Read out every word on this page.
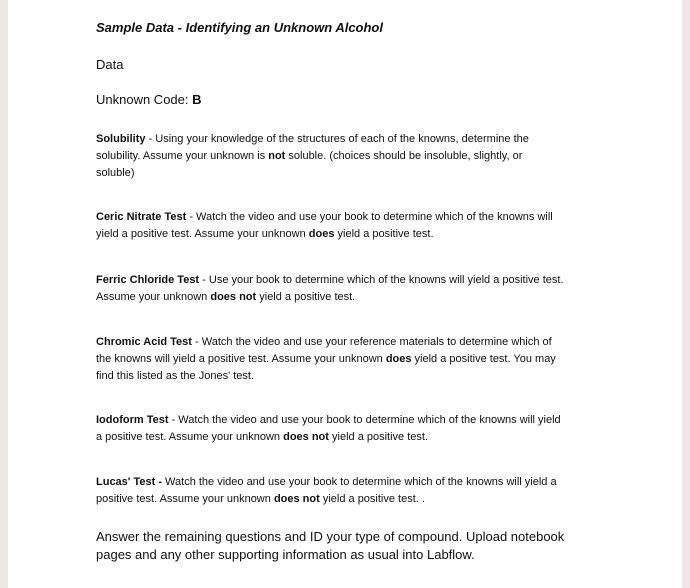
Sample Data - Identifying an Unknown Alcohol
Data
Unknown Code: B
Solubility - Using your knowledge of the structures of each of the knowns, determine the
solubility. Assume your unknown is not soluble. (choices should be insoluble, slightly, or
soluble)
Ceric Nitrate Test - Watch the video and use your book to determine which of the knowns will
yield a positive test. Assume your unknown does yield a positive test.
Ferric Chloride Test - Use your book to determine which of the knowns will yield a positive test.
Assume your unknown does not yield a positive test.
Chromic Acid Test - Watch the video and use your reference materials to determine which of
the knowns will yield a positive test. Assume your unknown does yield a positive test. You may
find this listed as the Jones' test.
Iodoform Test - Watch the video and use your book to determine which of the knowns will yield
a positive test. Assume your unknown does not yield a positive test.
Lucas' Test - Watch the video and use your book to determine which of the knowns will yield a
positive test. Assume your unknown does not yield a positive test. .
Answer the remaining questions and ID your type of compound. Upload notebook
pages and any other supporting information as usual into Labflow.
